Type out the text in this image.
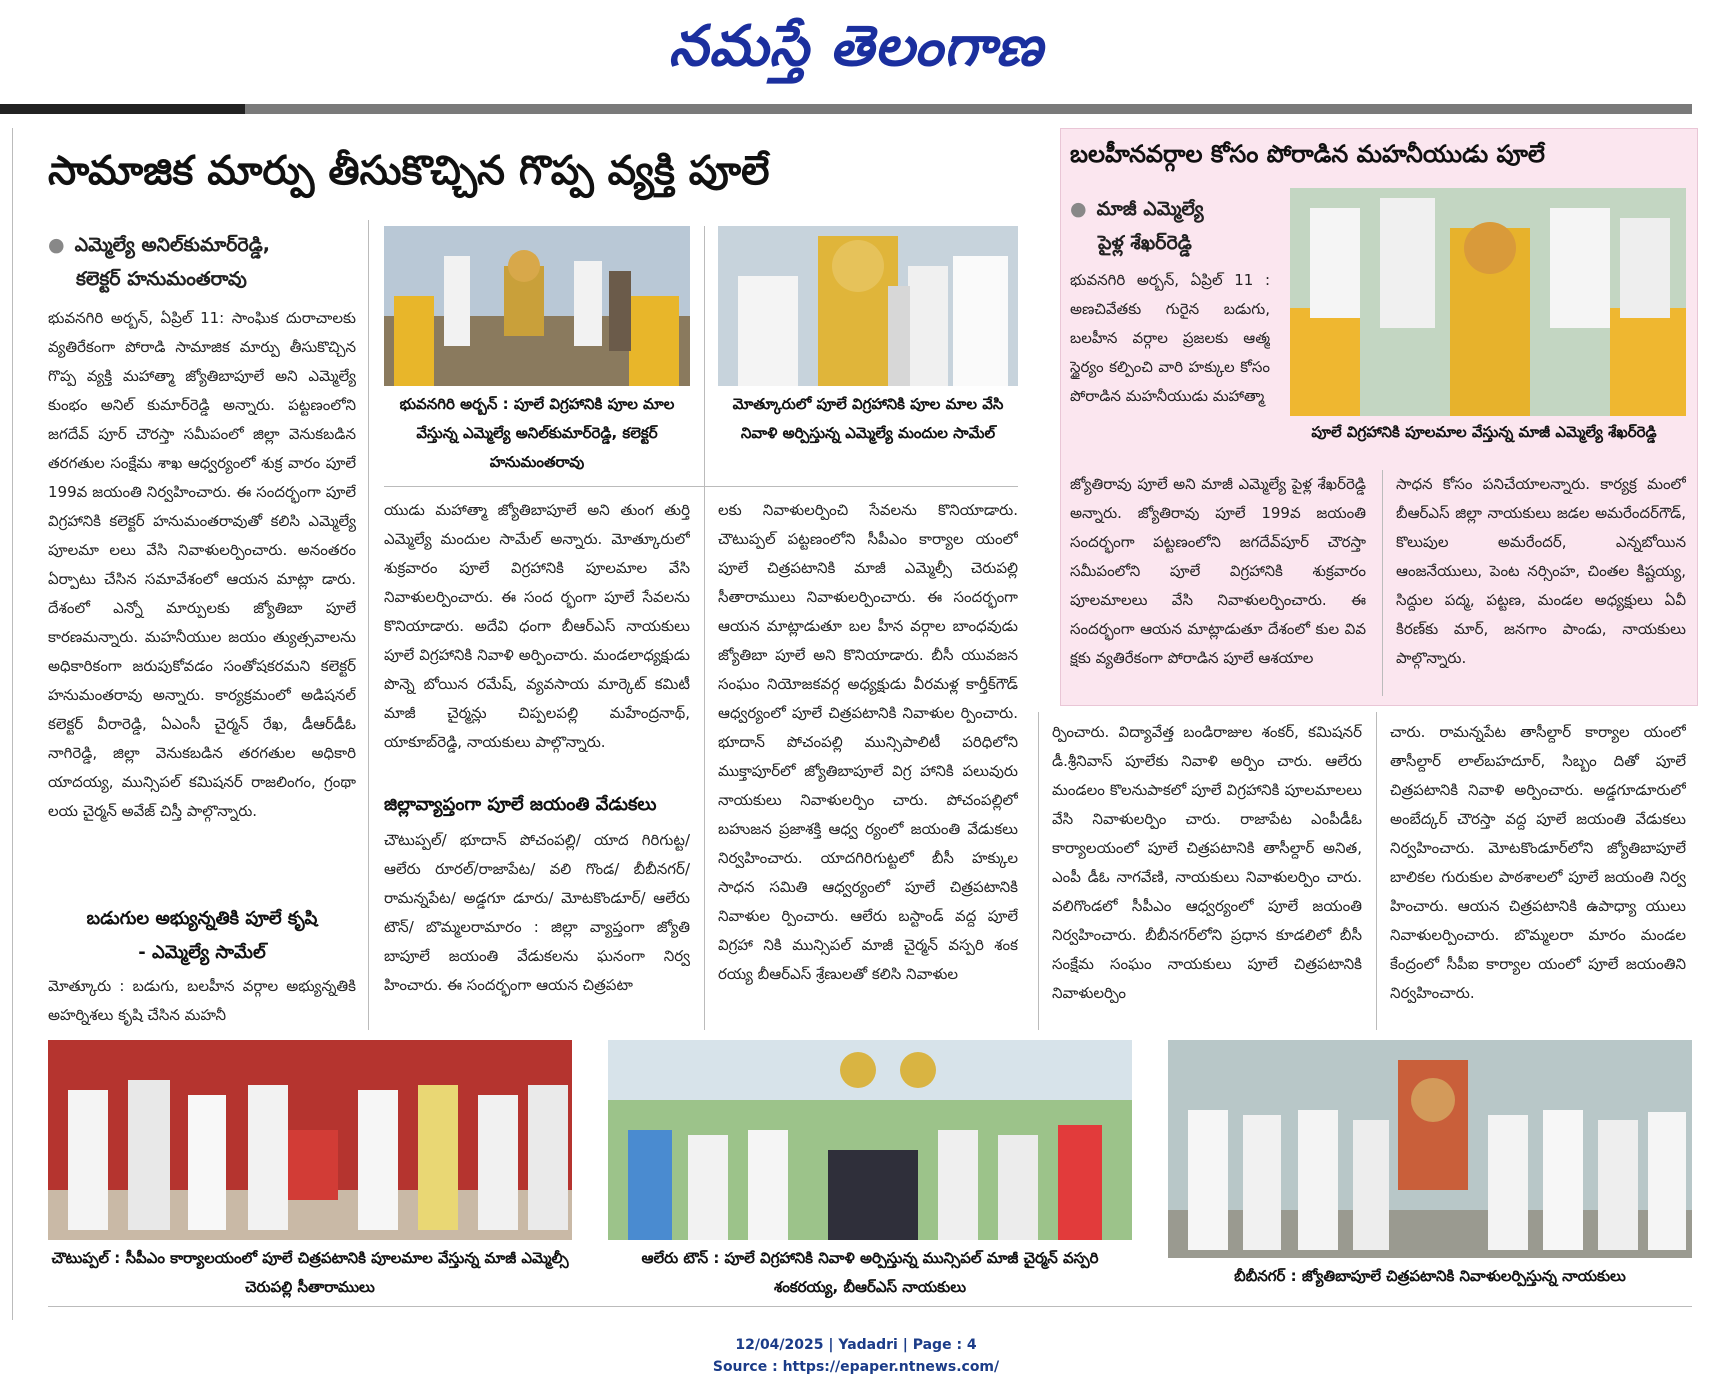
నమస్తే తెలంగాణ
సామాజిక మార్పు తీసుకొచ్చిన గొప్ప వ్యక్తి పూలే
● ఎమ్మెల్యే అనిల్‌కుమార్‌రెడ్డి,
కలెక్టర్ హనుమంతరావు
భువనగిరి అర్బన్, ఏప్రిల్ 11: సాంఘిక దురాచాలకు వ్యతిరేకంగా పోరాడి సామాజిక మార్పు తీసుకొచ్చిన గొప్ప వ్యక్తి మహాత్మా జ్యోతిబాపూలే అని ఎమ్మెల్యే కుంభం అనిల్ కుమార్‌రెడ్డి అన్నారు. పట్టణంలోని జగదేవ్ పూర్ చౌరస్తా సమీపంలో జిల్లా వెనుకబడిన తరగతుల సంక్షేమ శాఖ ఆధ్వర్యంలో శుక్ర వారం పూలే 199వ జయంతి నిర్వహించారు. ఈ సందర్భంగా పూలే విగ్రహానికి కలెక్టర్ హనుమంతరావుతో కలిసి ఎమ్మెల్యే పూలమా లలు వేసి నివాళులర్పించారు. అనంతరం ఏర్పాటు చేసిన సమావేశంలో ఆయన మాట్లా డారు. దేశంలో ఎన్నో మార్పులకు జ్యోతిబా పూలే కారణమన్నారు. మహనీయుల జయం త్యుత్సవాలను అధికారికంగా జరుపుకోవడం సంతోషకరమని కలెక్టర్ హనుమంతరావు అన్నారు. కార్యక్రమంలో అడిషనల్ కలెక్టర్ వీరారెడ్డి, ఏఎంసీ చైర్మన్ రేఖ, డీఆర్‌డీఓ నాగిరెడ్డి, జిల్లా వెనుకబడిన తరగతుల అధికారి యాదయ్య, మున్సిపల్ కమిషనర్ రాజలింగం, గ్రంథా లయ చైర్మన్ అవేజ్ చిస్తీ పాల్గొన్నారు.
బడుగుల అభ్యున్నతికి పూలే కృషి
- ఎమ్మెల్యే సామేల్
మోత్కూరు : బడుగు, బలహీన వర్గాల అభ్యున్నతికి అహర్నిశలు కృషి చేసిన మహనీ
భువనగిరి అర్బన్ : పూలే విగ్రహానికి పూల మాల వేస్తున్న ఎమ్మెల్యే అనిల్‌కుమార్‌రెడ్డి, కలెక్టర్ హనుమంతరావు
మోత్కూరులో పూలే విగ్రహానికి పూల మాల వేసి నివాళి అర్పిస్తున్న ఎమ్మెల్యే మందుల సామేల్
యుడు మహాత్మా జ్యోతిబాపూలే అని తుంగ తుర్తి ఎమ్మెల్యే మందుల సామేల్ అన్నారు. మోత్కూరులో శుక్రవారం పూలే విగ్రహానికి పూలమాల వేసి నివాళులర్పించారు. ఈ సంద ర్భంగా పూలే సేవలను కొనియాడారు. అదేవి ధంగా బీఆర్ఎస్ నాయకులు పూలే విగ్రహానికి నివాళి అర్పించారు. మండలాధ్యక్షుడు పొన్నె బోయిన రమేష్, వ్యవసాయ మార్కెట్ కమిటీ మాజీ చైర్మన్లు చిప్పలపల్లి మహేంద్రనాథ్, యాకూబ్‌రెడ్డి, నాయకులు పాల్గొన్నారు.
జిల్లావ్యాప్తంగా పూలే జయంతి వేడుకలు
చౌటుప్పల్/ భూదాన్ పోచంపల్లి/ యాద గిరిగుట్ట/ ఆలేరు రూరల్/రాజాపేట/ వలి గొండ/ బీబీనగర్/ రామన్నపేట/ అడ్డగూ డూరు/ మోటకొండూర్/ ఆలేరు టౌన్/ బొమ్మలరామారం : జిల్లా వ్యాప్తంగా జ్యోతి బాపూలే జయంతి వేడుకలను ఘనంగా నిర్వ హించారు. ఈ సందర్భంగా ఆయన చిత్రపటా
లకు నివాళులర్పించి సేవలను కొనియాడారు. చౌటుప్పల్ పట్టణంలోని సీపీఎం కార్యాల యంలో పూలే చిత్రపటానికి మాజీ ఎమ్మెల్సీ చెరుపల్లి సీతారాములు నివాళులర్పించారు. ఈ సందర్భంగా ఆయన మాట్లాడుతూ బల హీన వర్గాల బాంధవుడు జ్యోతిబా పూలే అని కొనియాడారు. బీసీ యువజన సంఘం నియోజకవర్గ అధ్యక్షుడు వీరమళ్ల కార్తీక్‌గౌడ్ ఆధ్వర్యంలో పూలే చిత్రపటానికి నివాళుల ర్పించారు. భూదాన్ పోచంపల్లి మున్సిపాలిటీ పరిధిలోని ముక్తాపూర్‌లో జ్యోతిబాపూలే విగ్ర హానికి పలువురు నాయకులు నివాళులర్పిం చారు. పోచంపల్లిలో బహుజన ప్రజాశక్తి ఆధ్వ ర్యంలో జయంతి వేడుకలు నిర్వహించారు. యాదగిరిగుట్టలో బీసీ హక్కుల సాధన సమితి ఆధ్వర్యంలో పూలే చిత్రపటానికి నివాళుల ర్పించారు. ఆలేరు బస్టాండ్ వద్ద పూలే విగ్రహా నికి మున్సిపల్ మాజీ చైర్మన్ వస్పరి శంక రయ్య బీఆర్ఎస్ శ్రేణులతో కలిసి నివాళుల
బలహీనవర్గాల కోసం పోరాడిన మహనీయుడు పూలే
● మాజీ ఎమ్మెల్యే
పైళ్ల శేఖర్‌రెడ్డి
భువనగిరి అర్బన్, ఏప్రిల్ 11 : అణచివేతకు గురైన బడుగు, బలహీన వర్గాల ప్రజలకు ఆత్మ స్థైర్యం కల్పించి వారి హక్కుల కోసం పోరాడిన మహనీయుడు మహాత్మా
పూలే విగ్రహానికి పూలమాల వేస్తున్న మాజీ ఎమ్మెల్యే శేఖర్‌రెడ్డి
జ్యోతిరావు పూలే అని మాజీ ఎమ్మెల్యే పైళ్ల శేఖర్‌రెడ్డి అన్నారు. జ్యోతిరావు పూలే 199వ జయంతి సందర్భంగా పట్టణంలోని జగదేవ్‌పూర్ చౌరస్తా సమీపంలోని పూలే విగ్రహానికి శుక్రవారం పూలమాలలు వేసి నివాళులర్పించారు. ఈ సందర్భంగా ఆయన మాట్లాడుతూ దేశంలో కుల వివ క్షకు వ్యతిరేకంగా పోరాడిన పూలే ఆశయాల
సాధన కోసం పనిచేయాలన్నారు. కార్యక్ర మంలో బీఆర్ఎస్ జిల్లా నాయకులు జడల అమరేందర్‌గౌడ్, కొలుపుల అమరేందర్, ఎన్నబోయిన ఆంజనేయులు, పెంట నర్సింహ, చింతల కిష్టయ్య, సిద్దుల పద్మ, పట్టణ, మండల అధ్యక్షులు ఏవీ కిరణ్‌కు మార్, జనగాం పాండు, నాయకులు పాల్గొన్నారు.
ర్పించారు. విద్యావేత్త బండిరాజుల శంకర్, కమిషనర్ డీ.శ్రీనివాస్ పూలేకు నివాళి అర్పిం చారు. ఆలేరు మండలం కొలనుపాకలో పూలే విగ్రహానికి పూలమాలలు వేసి నివాళులర్పిం చారు. రాజాపేట ఎంపీడీఓ కార్యాలయంలో పూలే చిత్రపటానికి తాసీల్దార్ అనిత, ఎంపీ డీఓ నాగవేణి, నాయకులు నివాళులర్పిం చారు. వలిగొండలో సీపీఎం ఆధ్వర్యంలో పూలే జయంతి నిర్వహించారు. బీబీనగర్‌లోని ప్రధాన కూడలిలో బీసీ సంక్షేమ సంఘం నాయకులు పూలే చిత్రపటానికి నివాళులర్పిం
చారు. రామన్నపేట తాసీల్దార్ కార్యాల యంలో తాసీల్దార్ లాల్‌బహదూర్, సిబ్బం దితో పూలే చిత్రపటానికి నివాళి అర్పించారు. అడ్డగూడూరులో అంబేద్కర్ చౌరస్తా వద్ద పూలే జయంతి వేడుకలు నిర్వహించారు. మోటకొండూర్‌లోని జ్యోతిబాపూలే బాలికల గురుకుల పాఠశాలలో పూలే జయంతి నిర్వ హించారు. ఆయన చిత్రపటానికి ఉపాధ్యా యులు నివాళులర్పించారు. బొమ్మలరా మారం మండల కేంద్రంలో సీపీఐ కార్యాల యంలో పూలే జయంతిని నిర్వహించారు.
చౌటుప్పల్ : సీపీఎం కార్యాలయంలో పూలే చిత్రపటానికి పూలమాల వేస్తున్న మాజీ ఎమ్మెల్సీ చెరుపల్లి సీతారాములు
ఆలేరు టౌన్ : పూలే విగ్రహానికి నివాళి అర్పిస్తున్న మున్సిపల్ మాజీ చైర్మన్ వస్పరి శంకరయ్య, బీఆర్ఎస్ నాయకులు
బీబీనగర్ : జ్యోతిబాపూలే చిత్రపటానికి నివాళులర్పిస్తున్న నాయకులు
12/04/2025 | Yadadri | Page : 4
Source : https://epaper.ntnews.com/
